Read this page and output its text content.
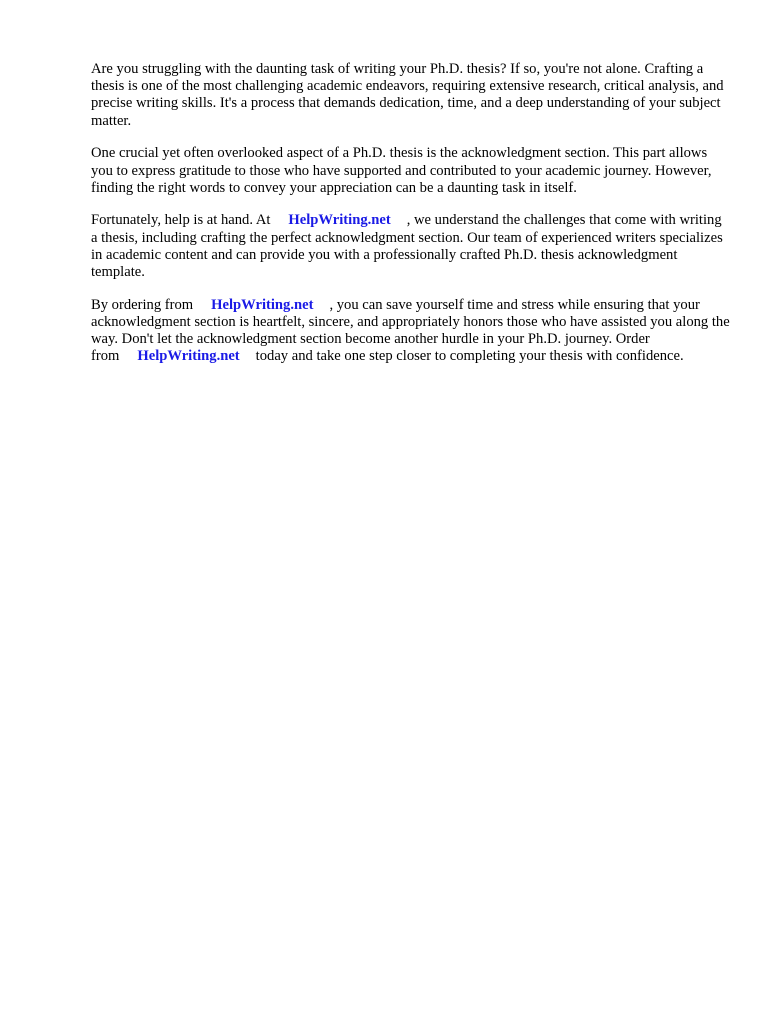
Are you struggling with the daunting task of writing your Ph.D. thesis? If so, you're not alone. Crafting a thesis is one of the most challenging academic endeavors, requiring extensive research, critical analysis, and precise writing skills. It's a process that demands dedication, time, and a deep understanding of your subject matter.

One crucial yet often overlooked aspect of a Ph.D. thesis is the acknowledgment section. This part allows you to express gratitude to those who have supported and contributed to your academic journey. However, finding the right words to convey your appreciation can be a daunting task in itself.

Fortunately, help is at hand. At HelpWriting.net , we understand the challenges that come with writing a thesis, including crafting the perfect acknowledgment section. Our team of experienced writers specializes in academic content and can provide you with a professionally crafted Ph.D. thesis acknowledgment template.

By ordering from HelpWriting.net , you can save yourself time and stress while ensuring that your acknowledgment section is heartfelt, sincere, and appropriately honors those who have assisted you along the way. Don't let the acknowledgment section become another hurdle in your Ph.D. journey. Order from HelpWriting.net today and take one step closer to completing your thesis with confidence.
